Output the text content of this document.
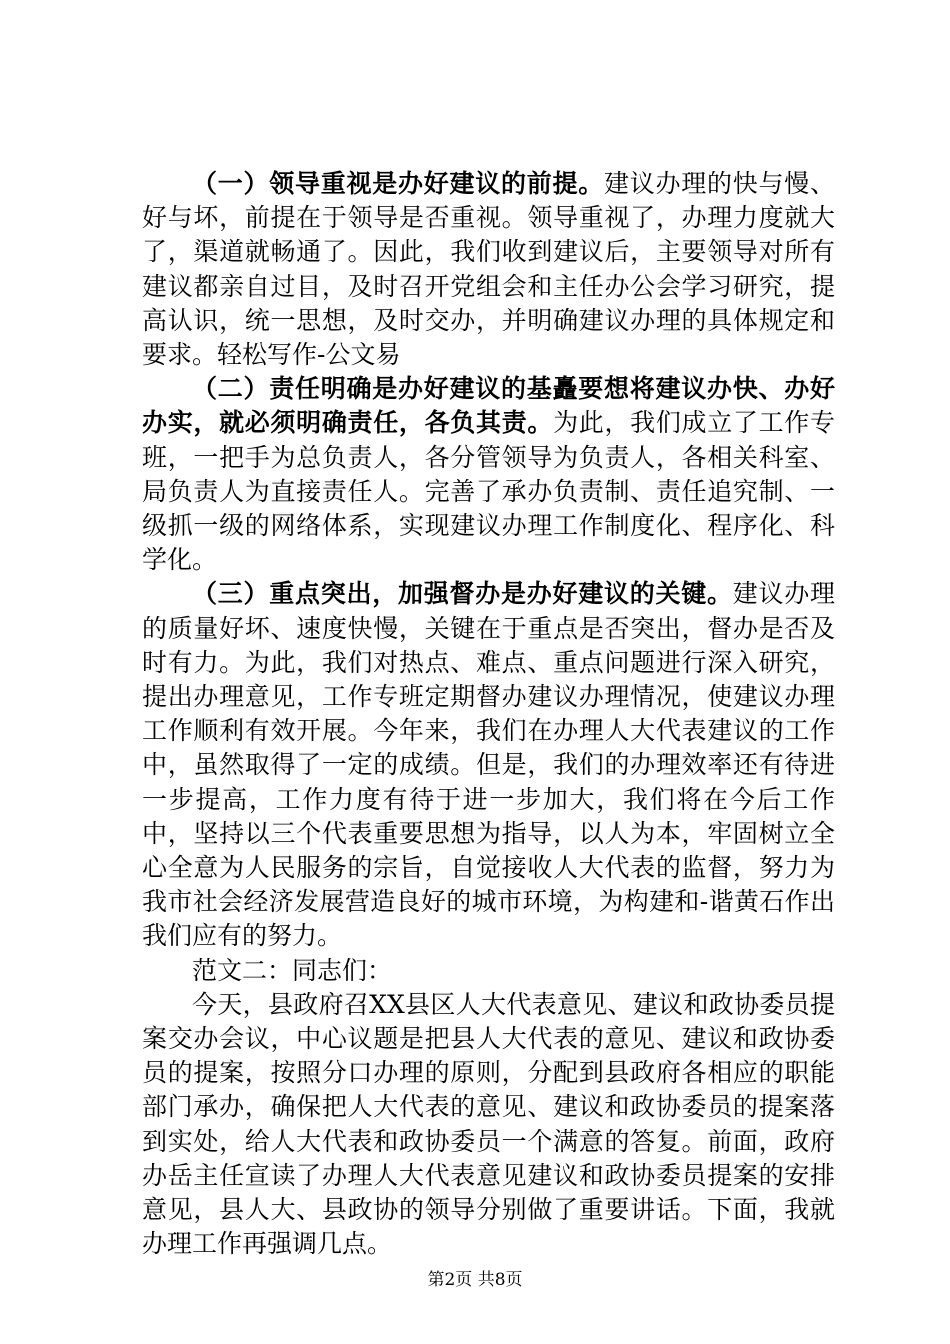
（一）领导重视是办好建议的前提。建议办理的快与慢、好与坏，前提在于领导是否重视。领导重视了，办理力度就大了，渠道就畅通了。因此，我们收到建议后，主要领导对所有建议都亲自过目，及时召开党组会和主任办公会学习研究，提高认识，统一思想，及时交办，并明确建议办理的具体规定和要求。轻松写作-公文易

（二）责任明确是办好建议的基矗要想将建议办快、办好办实，就必须明确责任，各负其责。为此，我们成立了工作专班，一把手为总负责人，各分管领导为负责人，各相关科室、局负责人为直接责任人。完善了承办负责制、责任追究制、一级抓一级的网络体系，实现建议办理工作制度化、程序化、科学化。

（三）重点突出，加强督办是办好建议的关键。建议办理的质量好坏、速度快慢，关键在于重点是否突出，督办是否及时有力。为此，我们对热点、难点、重点问题进行深入研究，提出办理意见，工作专班定期督办建议办理情况，使建议办理工作顺利有效开展。今年来，我们在办理人大代表建议的工作中，虽然取得了一定的成绩。但是，我们的办理效率还有待进一步提高，工作力度有待于进一步加大，我们将在今后工作中，坚持以三个代表重要思想为指导，以人为本，牢固树立全心全意为人民服务的宗旨，自觉接收人大代表的监督，努力为我市社会经济发展营造良好的城市环境，为构建和-谐黄石作出我们应有的努力。

范文二：同志们：

今天，县政府召XX县区人大代表意见、建议和政协委员提案交办会议，中心议题是把县人大代表的意见、建议和政协委员的提案，按照分口办理的原则，分配到县政府各相应的职能部门承办，确保把人大代表的意见、建议和政协委员的提案落到实处，给人大代表和政协委员一个满意的答复。前面，政府办岳主任宣读了办理人大代表意见建议和政协委员提案的安排意见，县人大、县政协的领导分别做了重要讲话。下面，我就办理工作再强调几点。

第2页 共8页
